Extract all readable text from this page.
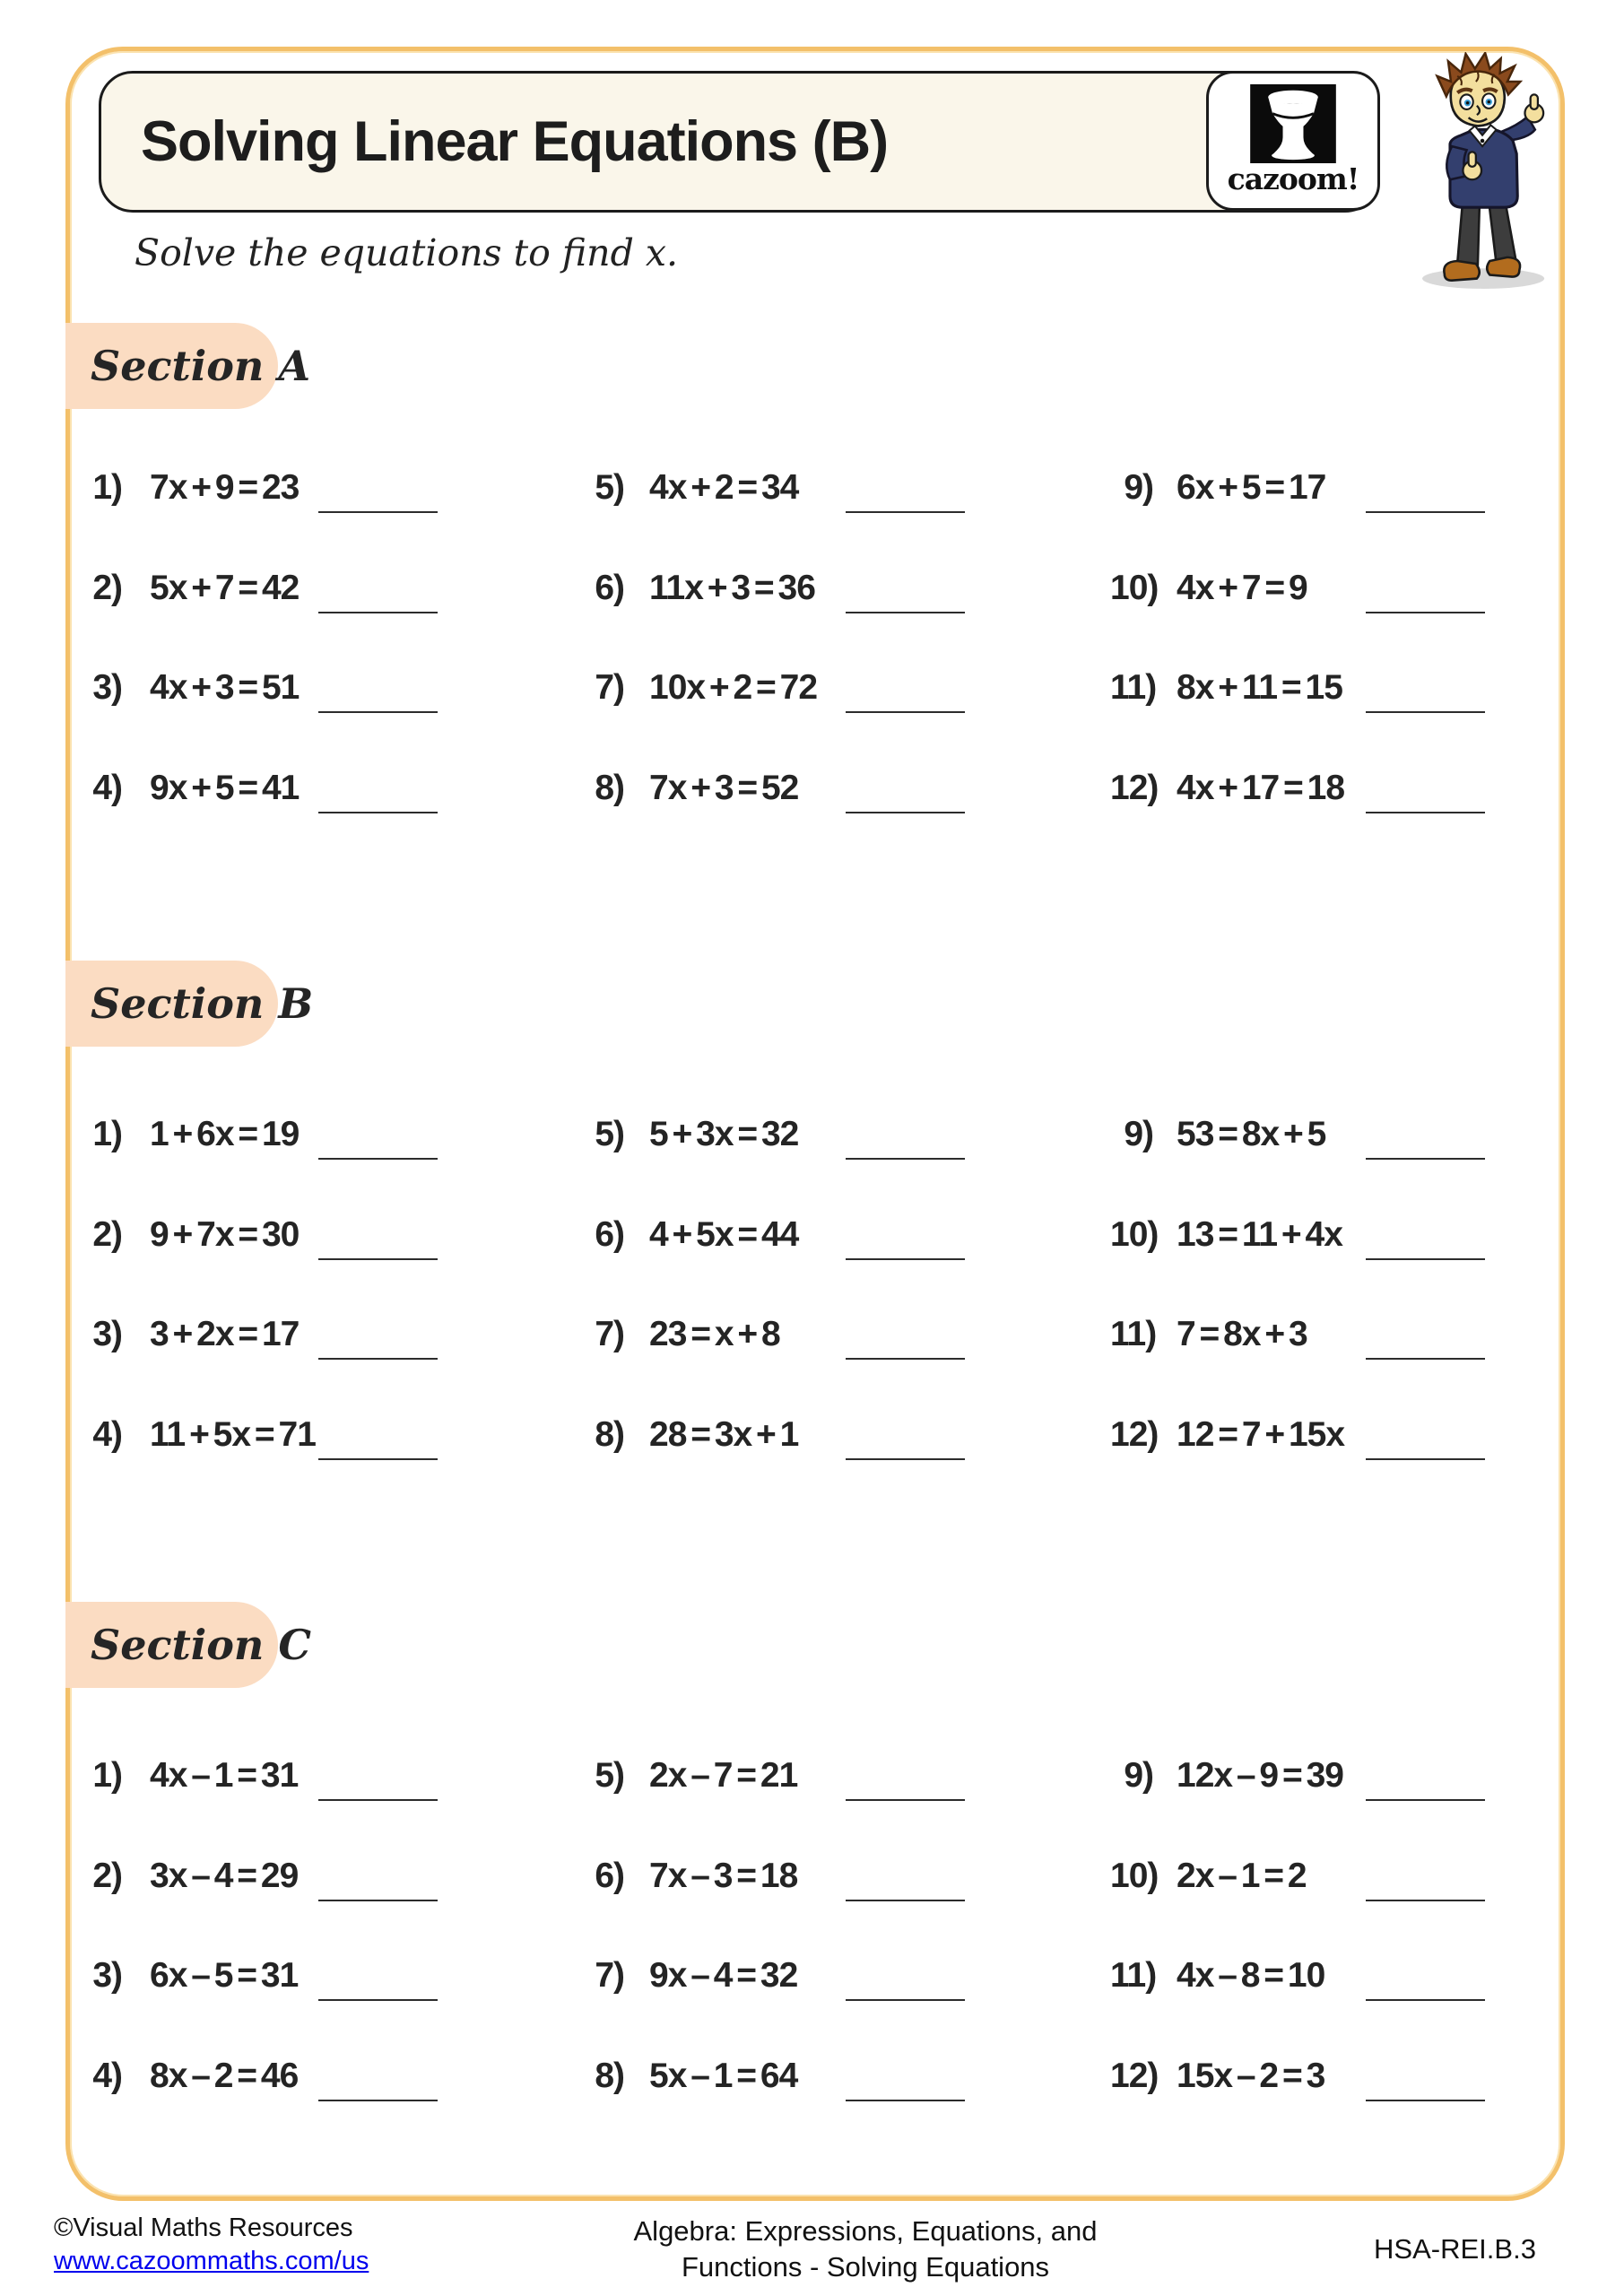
Solving Linear Equations (B)
cazoom!
Solve the equations to find x.
Section A
Section B
Section C
©Visual Maths Resources
www.cazoommaths.com/us
Algebra: Expressions, Equations, and
Functions - Solving Equations
HSA-REI.B.3
1) 7x + 9 = 23
2) 5x + 7 = 42
3) 4x + 3 = 51
4) 9x + 5 = 41
5) 4x + 2 = 34
6) 11x + 3 = 36
7) 10x + 2 = 72
8) 7x + 3 = 52
9) 6x + 5 = 17
10) 4x + 7 = 9
11) 8x + 11 = 15
12) 4x + 17 = 18
1) 1 + 6x = 19
2) 9 + 7x = 30
3) 3 + 2x = 17
4) 11 + 5x = 71
5) 5 + 3x = 32
6) 4 + 5x = 44
7) 23 = x + 8
8) 28 = 3x + 1
9) 53 = 8x + 5
10) 13 = 11 + 4x
11) 7 = 8x + 3
12) 12 = 7 + 15x
1) 4x – 1 = 31
2) 3x – 4 = 29
3) 6x – 5 = 31
4) 8x – 2 = 46
5) 2x – 7 = 21
6) 7x – 3 = 18
7) 9x – 4 = 32
8) 5x – 1 = 64
9) 12x – 9 = 39
10) 2x – 1 = 2
11) 4x – 8 = 10
12) 15x – 2 = 3
